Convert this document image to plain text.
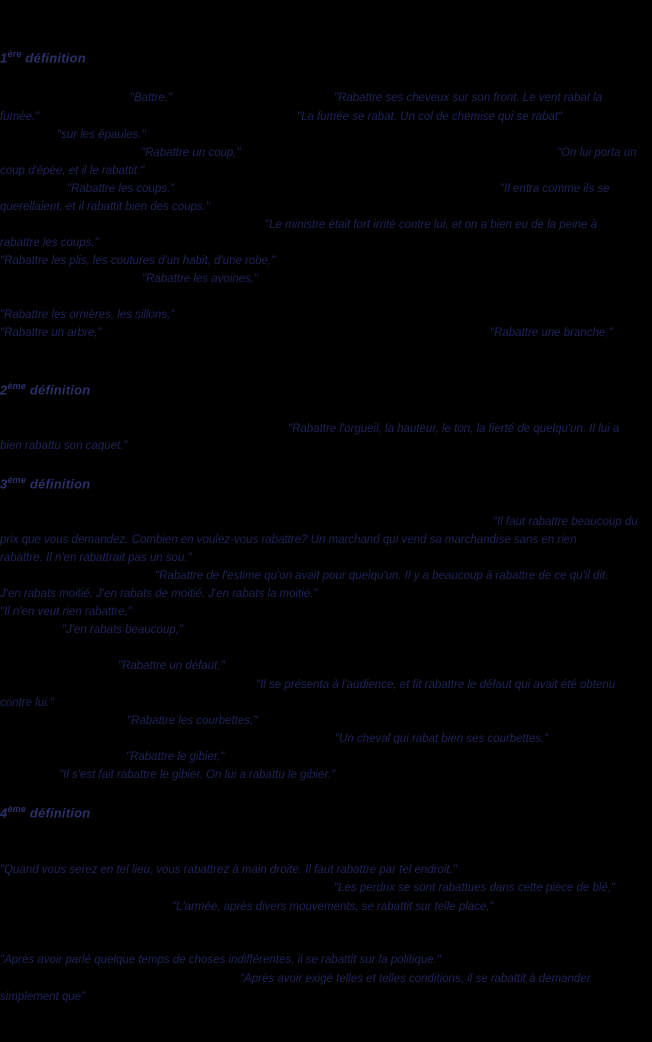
1ère définition
"Battre."	"Rabattre ses cheveux sur son front. Le vent rabat la
fumée."	"La fumée se rabat. Un col de chemise qui se rabat"
"sur les épaules."
"Rabattre un coup,"	"On lui porta un
coup d'épée, et il le rabattit."
"Rabattre les coups,"	"Il entra comme ils se
querellaient, et il rabattit bien des coups."
"Le ministre était fort irrité contre lui, et on a bien eu de la peine à
rabattre les coups."
"Rabattre les plis, les coutures d'un habit, d'une robe,"
"Rabattre les avoines,"
"Rabattre les ornières, les sillons,"
"Rabattre un arbre,"	"Rabattre une branche,"
2ème définition
"Rabattre l'orgueil, la hauteur, le ton, la fierté de quelqu'un. Il lui a
bien rabattu son caquet."
3ème définition
"Il faut rabattre beaucoup du
prix que vous demandez. Combien en voulez-vous rabattre? Un marchand qui vend sa marchandise sans en rien
rabattre. Il n'en rabattrait pas un sou."
"Rabattre de l'estime qu'on avait pour quelqu'un. Il y a beaucoup à rabattre de ce qu'il dit.
J'en rabats moitié. J'en rabats de moitié. J'en rabats la moitié."
"Il n'en veut rien rabattre,"
"J'en rabats beaucoup,"
"Rabattre un défaut,"
"Il se présenta à l'audience, et fit rabattre le défaut qui avait été obtenu
contre lui."
"Rabattre les courbettes,"
"Un cheval qui rabat bien ses courbettes."
"Rabattre le gibier,"
"Il s'est fait rabattre le gibier. On lui a rabattu le gibier."
4ème définition
"Quand vous serez en tel lieu, vous rabattrez à main droite. Il faut rabattre par tel endroit."
"Les perdrix se sont rabattues dans cette pièce de blé,"
"L'armée, après divers mouvements, se rabattit sur telle place,"
"Après avoir parlé quelque temps de choses indifférentes, il se rabattit sur la politique."
"Après avoir exigé telles et telles conditions, il se rabattit à demander
simplement que"
